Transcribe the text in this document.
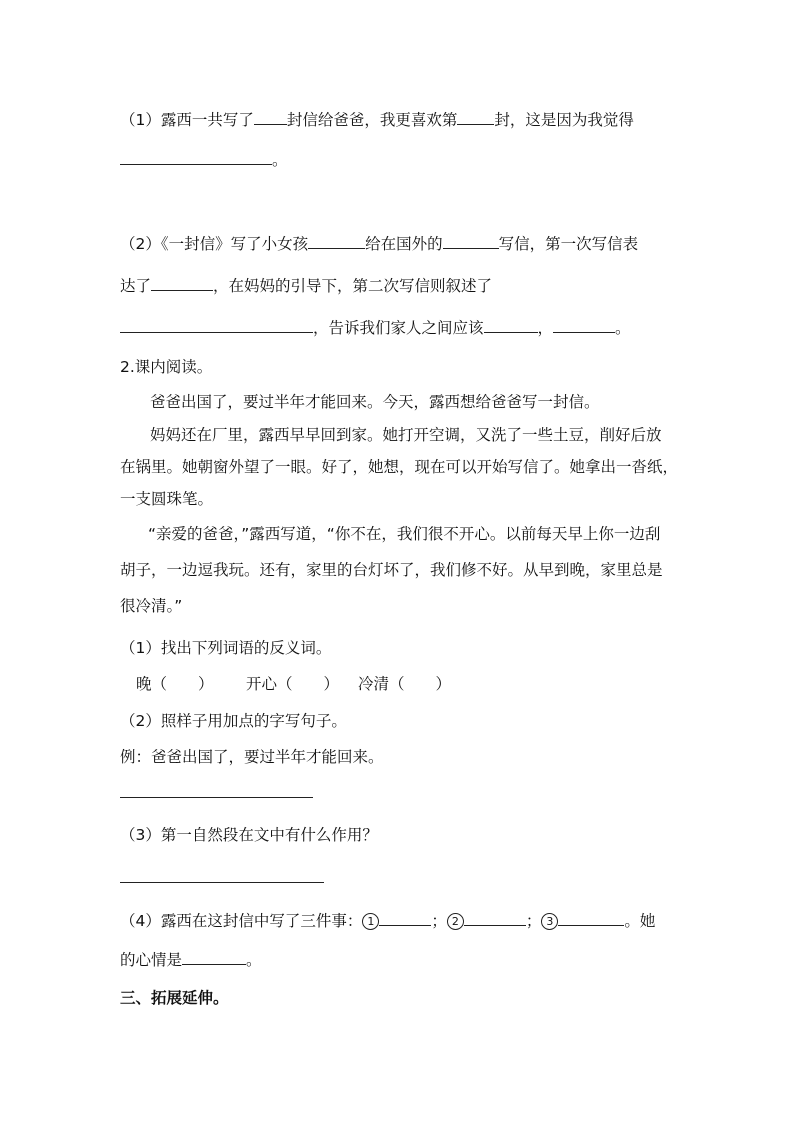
（1）露西一共写了 封信给爸爸，我更喜欢第 封，这是因为我觉得
。
（2）《一封信》写了小女孩	给在国外的	写信，第一次写信表
达了	，在妈妈的引导下，第二次写信则叙述了
，告诉我们家人之间应该	，	。
2.课内阅读。
爸爸出国了，要过半年才能回来。今天，露西想给爸爸写一封信。
妈妈还在厂里，露西早早回到家。她打开空调，又洗了一些土豆，削好后放
在锅里。她朝窗外望了一眼。好了，她想，现在可以开始写信了。她拿出一沓纸，
一支圆珠笔。
“亲爱的爸爸，”露西写道，“你不在，我们很不开心。以前每天早上你一边刮
胡子，一边逗我玩。还有，家里的台灯坏了，我们修不好。从早到晚，家里总是
很冷清。”
（1）找出下列词语的反义词。
晚（　　） 开心（　　） 冷清（　　）
（2）照样子用加点的字写句子。
例：爸爸出国了，要过半年才能回来。
（3）第一自然段在文中有什么作用？
（4）露西在这封信中写了三件事： 1	； 2	； 3	。她
的心情是	。
三、拓展延伸。
